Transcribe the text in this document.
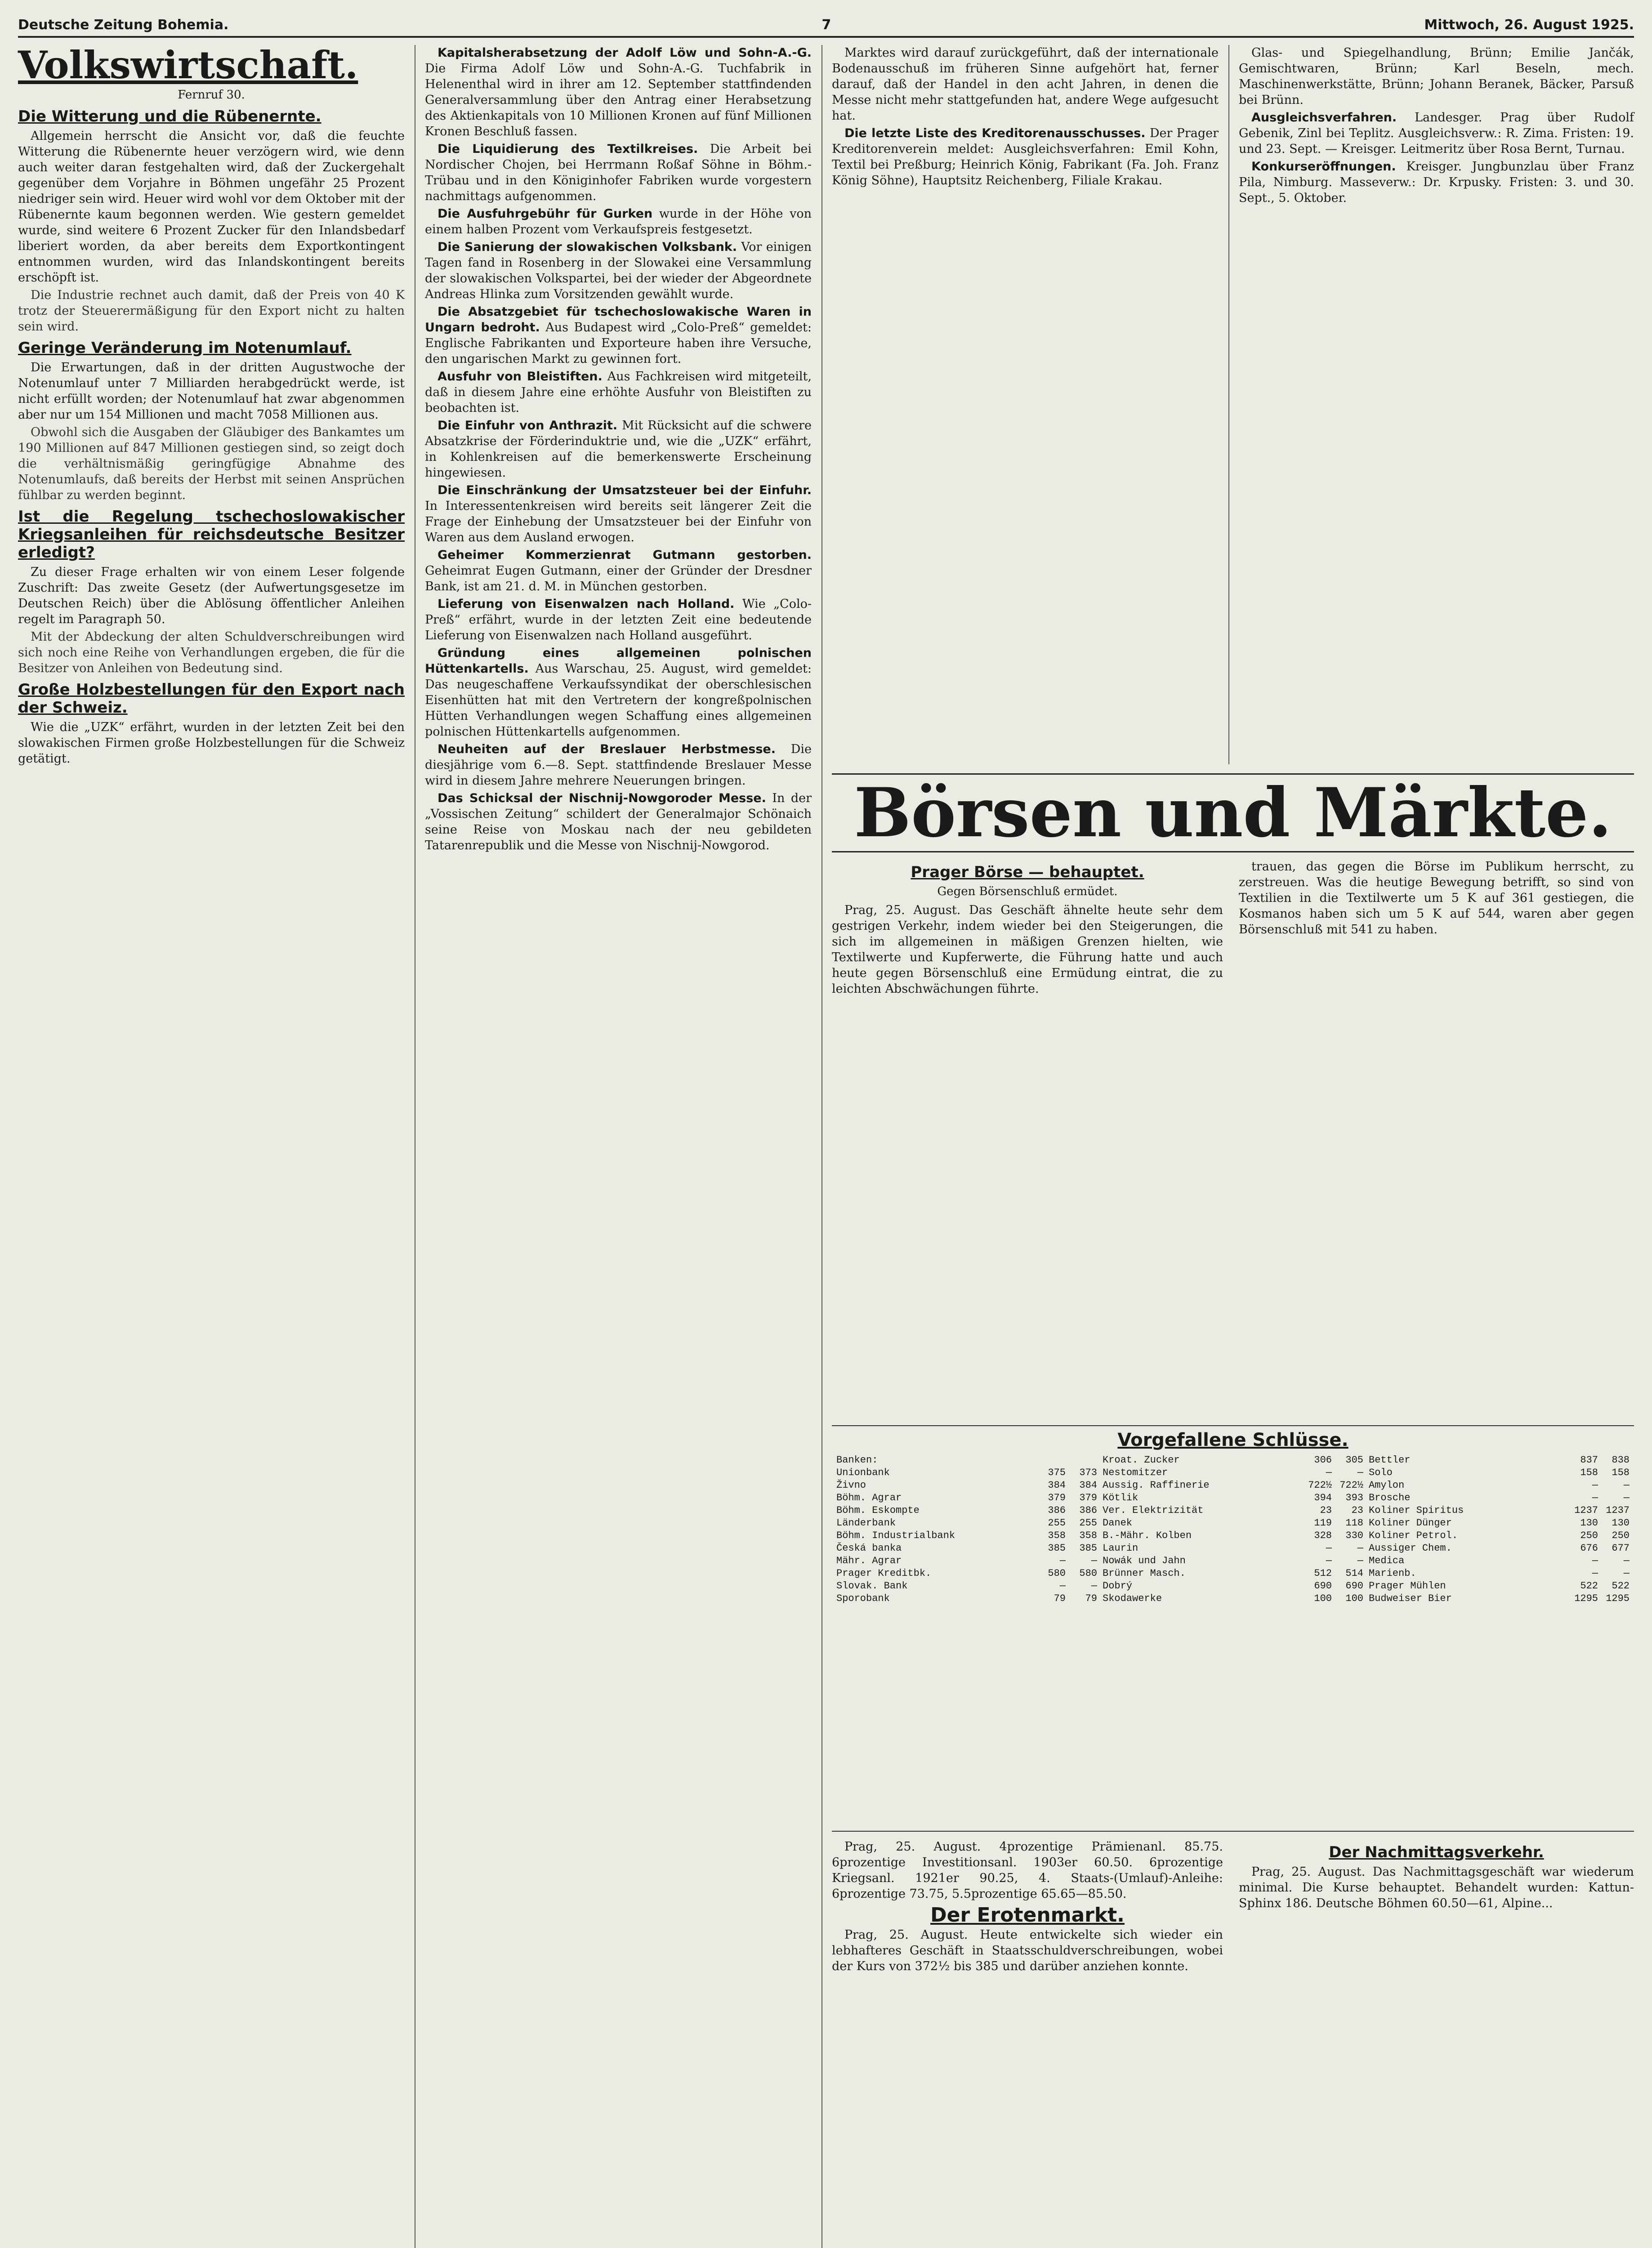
Deutsche Zeitung Bohemia.	7	Mittwoch, 26. August 1925.
Volkswirtschaft.
Fernruf 30.
Die Witterung und die Rübenernte.

Allgemein herrscht die Ansicht vor, daß die feuchte Witterung die Rübenernte heuer verzögern wird, wie denn auch weiter daran festgehalten wird, daß der Zuckergehalt gegenüber dem Vorjahre in Böhmen ungefähr 25 Prozent niedriger sein wird. Heuer wird wohl vor dem Oktober mit der Rübenernte kaum begonnen werden. Wie gestern gemeldet wurde, sind weitere 6 Prozent Zucker für den Inlandsbedarf liberiert worden, da aber bereits dem Exportkontingent entnommen wurden, wird das Inlandskontingent bereits erschöpft ist.

Die Industrie rechnet auch damit, daß der Preis von 40 K trotz der Steuerermäßigung für den Export nicht zu halten sein wird.

Geringe Veränderung im Notenumlauf.

Die Erwartungen, daß in der dritten Augustwoche der Notenumlauf unter 7 Milliarden herabgedrückt werde, ist nicht erfüllt worden; der Notenumlauf hat zwar abgenommen aber nur um 154 Millionen und macht 7058 Millionen aus.

Obwohl sich die Ausgaben der Gläubiger des Bankamtes um 190 Millionen auf 847 Millionen gestiegen sind, so zeigt doch die verhältnismäßig geringfügige Abnahme des Notenumlaufs, daß bereits der Herbst mit seinen Ansprüchen fühlbar zu werden beginnt.

Ist die Regelung tschechoslowakischer Kriegsanleihen für reichsdeutsche Besitzer erledigt?

Zu dieser Frage erhalten wir von einem Leser folgende Zuschrift: Das zweite Gesetz (der Aufwertungsgesetze im Deutschen Reich) über die Ablösung öffentlicher Anleihen regelt im Paragraph 50.

Mit der Abdeckung der alten Schuldverschreibungen wird sich noch eine Reihe von Verhandlungen ergeben, die für die Besitzer von Anleihen von Bedeutung sind.

Große Holzbestellungen für den Export nach der Schweiz.

Wie die „UZK“ erfährt, wurden in der letzten Zeit bei den slowakischen Firmen große Holzbestellungen für die Schweiz getätigt.

Kapitalsherabsetzung der Adolf Löw und Sohn-A.-G. Die Firma Adolf Löw und Sohn-A.-G. Tuchfabrik in Helenenthal wird in ihrer am 12. September stattfindenden Generalversammlung über den Antrag einer Herabsetzung des Aktienkapitals von 10 Millionen Kronen auf fünf Millionen Kronen Beschluß fassen.

Die Liquidierung des Textilkreises. Die Arbeit bei Nordischer Chojen, bei Herrmann Roßaf Söhne in Böhm.-Trübau und in den Königinhofer Fabriken wurde vorgestern nachmittags aufgenommen.

Die Ausfuhrgebühr für Gurken wurde in der Höhe von einem halben Prozent vom Verkaufspreis festgesetzt.

Die Sanierung der slowakischen Volksbank. Vor einigen Tagen fand in Rosenberg in der Slowakei eine Versammlung der slowakischen Volkspartei, bei der wieder der Abgeordnete Andreas Hlinka zum Vorsitzenden gewählt wurde.

Die Absatzgebiet für tschechoslowakische Waren in Ungarn bedroht. Aus Budapest wird „Colo-Preß“ gemeldet: Englische Fabrikanten und Exporteure haben ihre Versuche, den ungarischen Markt zu gewinnen fort.

Ausfuhr von Bleistiften. Aus Fachkreisen wird mitgeteilt, daß in diesem Jahre eine erhöhte Ausfuhr von Bleistiften zu beobachten ist.

Die Einfuhr von Anthrazit. Mit Rücksicht auf die schwere Absatzkrise der Förderinduktrie und, wie die „UZK“ erfährt, in Kohlenkreisen auf die bemerkenswerte Erscheinung hingewiesen.

Die Einschränkung der Umsatzsteuer bei der Einfuhr. In Interessentenkreisen wird bereits seit längerer Zeit die Frage der Einhebung der Umsatzsteuer bei der Einfuhr von Waren aus dem Ausland erwogen.

Geheimer Kommerzienrat Gutmann gestorben. Geheimrat Eugen Gutmann, einer der Gründer der Dresdner Bank, ist am 21. d. M. in München gestorben.

Lieferung von Eisenwalzen nach Holland. Wie „Colo-Preß“ erfährt, wurde in der letzten Zeit eine bedeutende Lieferung von Eisenwalzen nach Holland ausgeführt.

Gründung eines allgemeinen polnischen Hüttenkartells. Aus Warschau, 25. August, wird gemeldet: Das neugeschaffene Verkaufssyndikat der oberschlesischen Eisenhütten hat mit den Vertretern der kongreßpolnischen Hütten Verhandlungen wegen Schaffung eines allgemeinen polnischen Hüttenkartells aufgenommen.

Neuheiten auf der Breslauer Herbstmesse. Die diesjährige vom 6.—8. Sept. stattfindende Breslauer Messe wird in diesem Jahre mehrere Neuerungen bringen.

Das Schicksal der Nischnij-Nowgoroder Messe. In der „Vossischen Zeitung“ schildert der Generalmajor Schönaich seine Reise von Moskau nach der neu gebildeten Tatarenrepublik und die Messe von Nischnij-Nowgorod.

Marktes wird darauf zurückgeführt, daß der internationale Bodenausschuß im früheren Sinne aufgehört hat, ferner darauf, daß der Handel in den acht Jahren, in denen die Messe nicht mehr stattgefunden hat, andere Wege aufgesucht hat.

Die letzte Liste des Kreditorenausschusses. Der Prager Kreditorenverein meldet: Ausgleichsverfahren: Emil Kohn, Textil bei Preßburg; Heinrich König, Fabrikant (Fa. Joh. Franz König Söhne), Hauptsitz Reichenberg, Filiale Krakau.

Glas- und Spiegelhandlung, Brünn; Emilie Jančák, Gemischtwaren, Brünn; Karl Beseln, mech. Maschinenwerkstätte, Brünn; Johann Beranek, Bäcker, Parsuß bei Brünn.

Ausgleichsverfahren. Landesger. Prag über Rudolf Gebenik, Zinl bei Teplitz. Ausgleichsverw.: R. Zima. Fristen: 19. und 23. Sept. — Kreisger. Leitmeritz über Rosa Bernt, Turnau.

Konkurseröffnungen. Kreisger. Jungbunzlau über Franz Pila, Nimburg. Masseverw.: Dr. Krpusky. Fristen: 3. und 30. Sept., 5. Oktober.

Börsen und Märkte.
Prager Börse — behauptet.
Gegen Börsenschluß ermüdet.

Prag, 25. August. Das Geschäft ähnelte heute sehr dem gestrigen Verkehr, indem wieder bei den Steigerungen, die sich im allgemeinen in mäßigen Grenzen hielten, wie Textilwerte und Kupferwerte, die Führung hatte und auch heute gegen Börsenschluß eine Ermüdung eintrat, die zu leichten Abschwächungen führte.

trauen, das gegen die Börse im Publikum herrscht, zu zerstreuen. Was die heutige Bewegung betrifft, so sind von Textilien in die Textilwerte um 5 K auf 361 gestiegen, die Kosmanos haben sich um 5 K auf 544, waren aber gegen Börsenschluß mit 541 zu haben.

Vorgefallene Schlüsse.
Banken:
Unionbank	375	373
Živno	384	384
Böhm. Agrar	379	379
Böhm. Eskompte	386	386
Länderbank	255	255
Böhm. Industrialbank	358	358
Česká banka	385	385
Mähr. Agrar	—	—
Prager Kreditbk.	580	580
Slovak. Bank	—	—
Sporobank	79	79
Kroat. Zucker	306	305
Nestomitzer	—	—
Aussig. Raffinerie	722½ 722½
Kötlik	394	393
Ver. Elektrizität	23	23
Danek	119	118
B.-Mähr. Kolben	328	330
Laurin	—	—
Nowák und Jahn	—	—
Brünner Masch.	512	514
Dobrý	690	690
Skodawerke	100	100
Bettler	837	838
Solo	158	158
Amylon	—	—
Brosche	—	—
Koliner Spiritus	1237 1237
Koliner Dünger	130	130
Koliner Petrol.	250	250
Aussiger Chem.	676	677
Medica	—	—
Marienb.	—	—
Prager Mühlen	522	522
Budweiser Bier	1295 1295

Prag, 25. August. 4prozentige Prämienanl. 85.75. 6prozentige Investitionsanl. 1903er 60.50. 6prozentige Kriegsanl. 1921er 90.25, 4. Staats-(Umlauf)-Anleihe: 6prozentige 73.75, 5.5prozentige 65.65—85.50.

Der Erotenmarkt.

Prag, 25. August. Heute entwickelte sich wieder ein lebhafteres Geschäft in Staatsschuldverschreibungen, wobei der Kurs von 372½ bis 385 und darüber anziehen konnte.

Der Nachmittagsverkehr.

Prag, 25. August. Das Nachmittagsgeschäft war wiederum minimal. Die Kurse behauptet. Behandelt wurden: Kattun-Sphinx 186. Deutsche Böhmen 60.50—61, Alpine...
